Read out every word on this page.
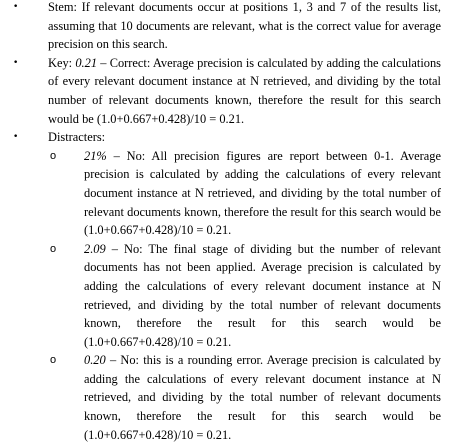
• Stem: If relevant documents occur at positions 1, 3 and 7 of the results list, assuming that 10 documents are relevant, what is the correct value for average precision on this search.
• Key: 0.21 – Correct: Average precision is calculated by adding the calculations of every relevant document instance at N retrieved, and dividing by the total number of relevant documents known, therefore the result for this search would be (1.0+0.667+0.428)/10 = 0.21.
• Distracters:
o 21% – No: All precision figures are report between 0-1. Average precision is calculated by adding the calculations of every relevant document instance at N retrieved, and dividing by the total number of relevant documents known, therefore the result for this search would be (1.0+0.667+0.428)/10 = 0.21.
o 2.09 – No: The final stage of dividing but the number of relevant documents has not been applied. Average precision is calculated by adding the calculations of every relevant document instance at N retrieved, and dividing by the total number of relevant documents known, therefore the result for this search would be (1.0+0.667+0.428)/10 = 0.21.
o 0.20 – No: this is a rounding error. Average precision is calculated by adding the calculations of every relevant document instance at N retrieved, and dividing by the total number of relevant documents known, therefore the result for this search would be (1.0+0.667+0.428)/10 = 0.21.
